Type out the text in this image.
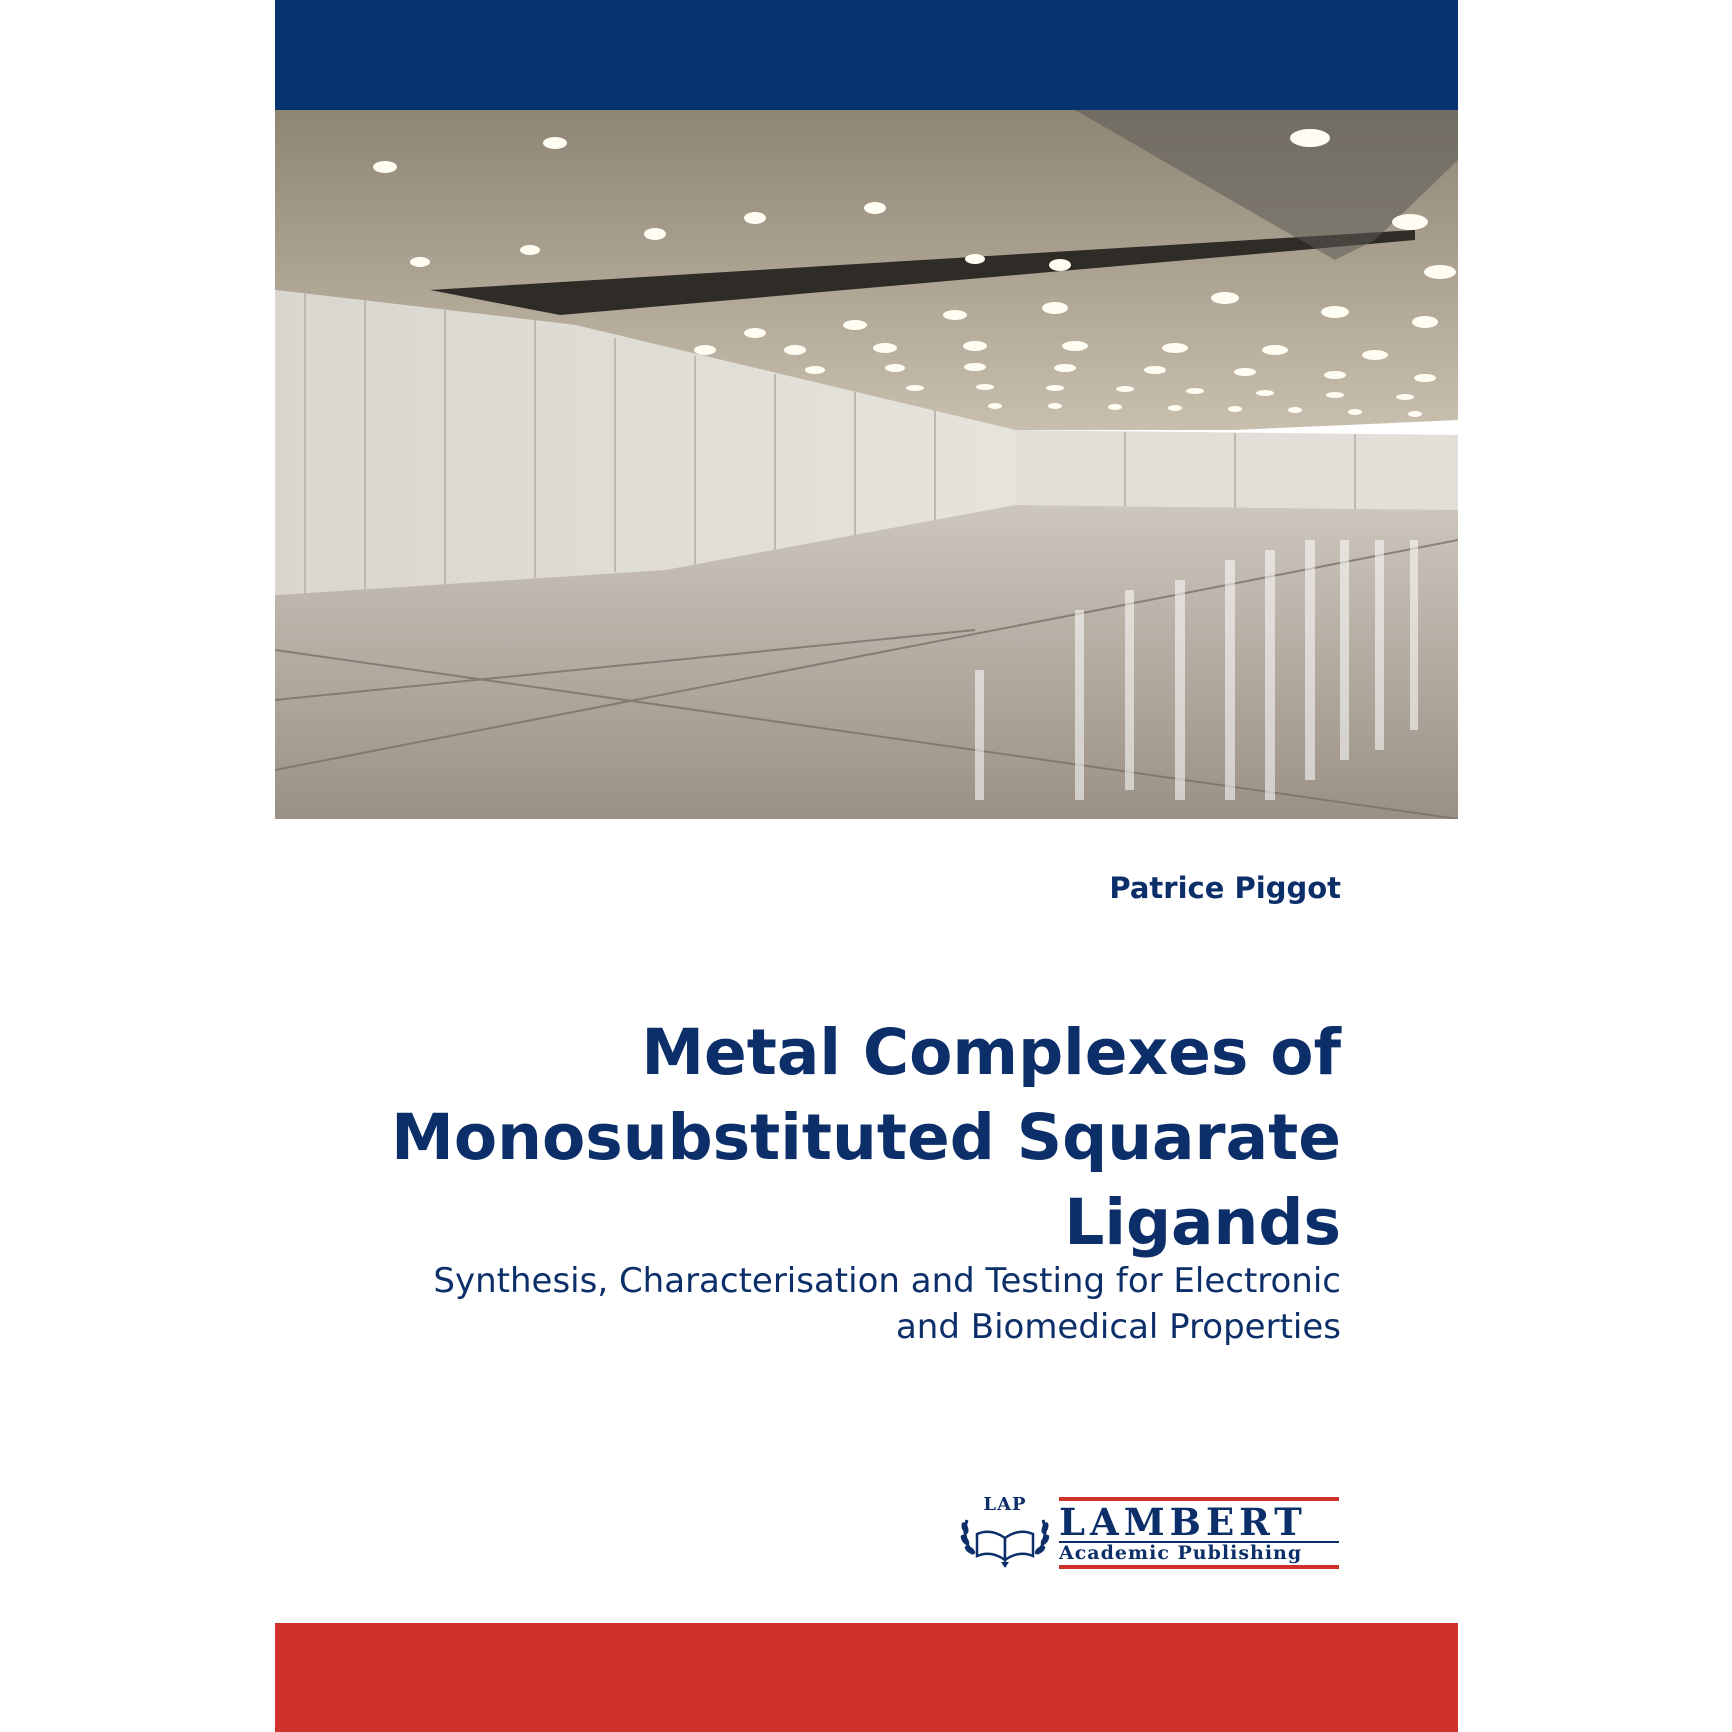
Patrice Piggot
Metal Complexes of
Monosubstituted Squarate
Ligands
Synthesis, Characterisation and Testing for Electronic
and Biomedical Properties
LAP LAMBERT
Academic Publishing
